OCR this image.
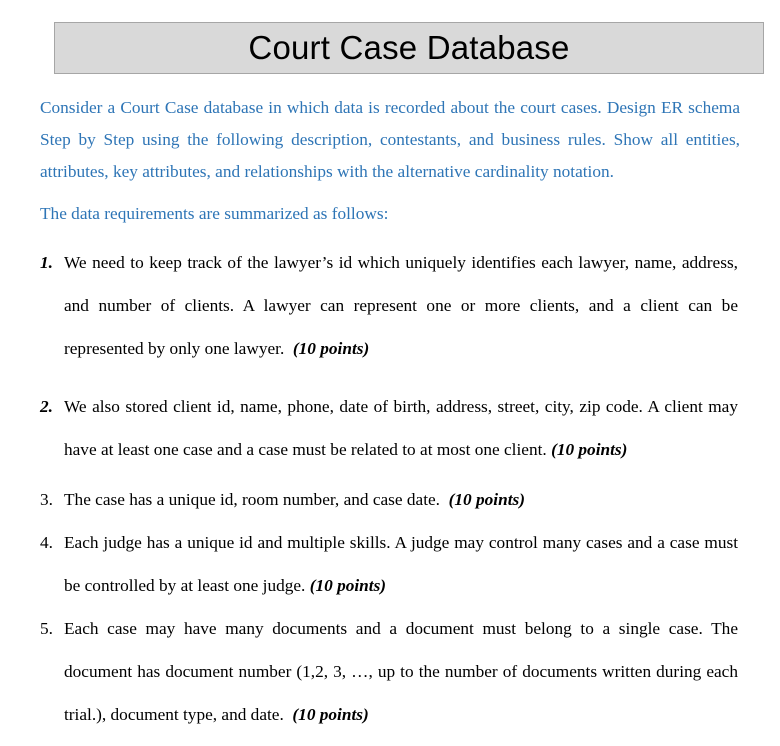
Court Case Database

Consider a Court Case database in which data is recorded about the court cases. Design ER schema Step by Step using the following description, contestants, and business rules. Show all entities, attributes, key attributes, and relationships with the alternative cardinality notation.

The data requirements are summarized as follows:

1. We need to keep track of the lawyer’s id which uniquely identifies each lawyer, name, address, and number of clients. A lawyer can represent one or more clients, and a client can be represented by only one lawyer. (10 points)
2. We also stored client id, name, phone, date of birth, address, street, city, zip code. A client may have at least one case and a case must be related to at most one client. (10 points)
3. The case has a unique id, room number, and case date. (10 points)
4. Each judge has a unique id and multiple skills. A judge may control many cases and a case must be controlled by at least one judge. (10 points)
5. Each case may have many documents and a document must belong to a single case. The document has document number (1,2, 3, …, up to the number of documents written during each trial.), document type, and date. (10 points)
